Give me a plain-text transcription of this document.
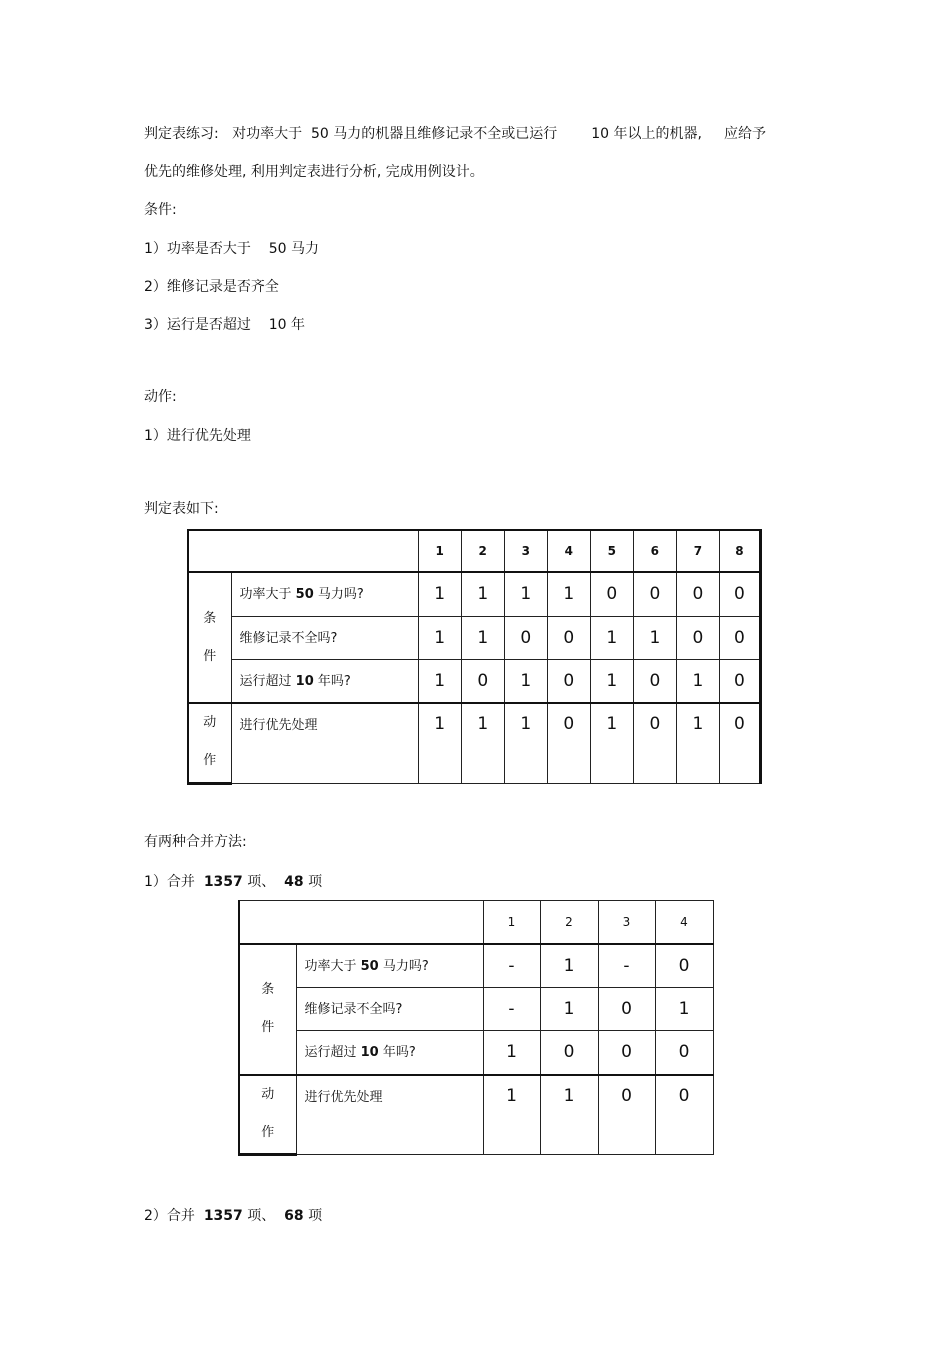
判定表练习:   对功率大于  50 马力的机器且维修记录不全或已运行 10 年以上的机器, 应给予
优先的维修处理, 利用判定表进行分析, 完成用例设计。
条件:
1）功率是否大于    50 马力
2）维修记录是否齐全
3）运行是否超过    10 年
动作:
1）进行优先处理
判定表如下:
		1	2	3	4	5	6	7	8

条
件	功率大于 50 马力吗?	1	1	1	1	0	0	0	0
	维修记录不全吗?	1	1	0	0	1	1	0	0
	运行超过 10 年吗?	1	0	1	0	1	0	1	0

动
作	进行优先处理	1	1	1	0	1	0	1	0
有两种合并方法:
1）合并  1357 项、  48 项
		1	2	3	4

条
件	功率大于 50 马力吗?	-	1	-	0
	维修记录不全吗?	-	1	0	1
	运行超过 10 年吗?	1	0	0	0

动
作	进行优先处理	1	1	0	0
2）合并  1357 项、  68 项
